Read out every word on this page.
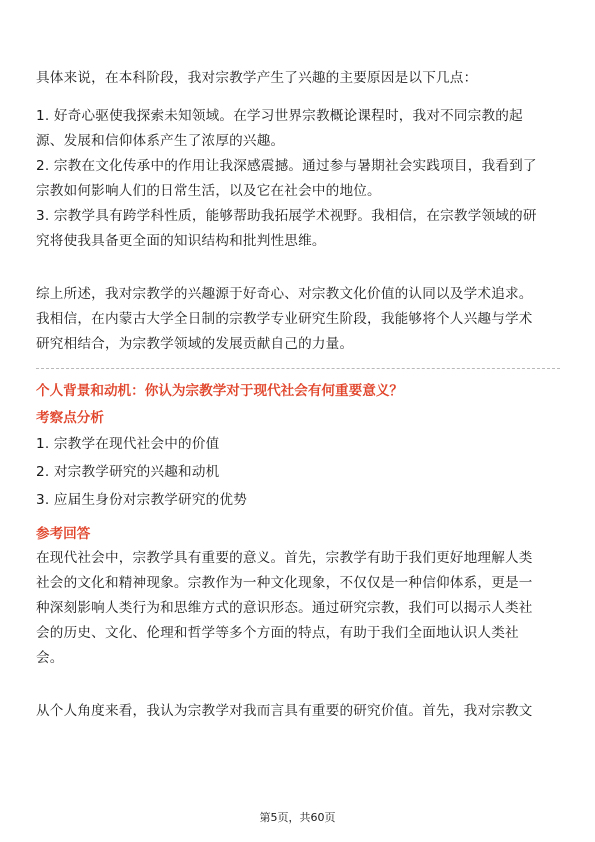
具体来说，在本科阶段，我对宗教学产生了兴趣的主要原因是以下几点：

1. 好奇心驱使我探索未知领域。在学习世界宗教概论课程时，我对不同宗教的起

源、发展和信仰体系产生了浓厚的兴趣。

2. 宗教在文化传承中的作用让我深感震撼。通过参与暑期社会实践项目，我看到了

宗教如何影响人们的日常生活，以及它在社会中的地位。

3. 宗教学具有跨学科性质，能够帮助我拓展学术视野。我相信，在宗教学领域的研

究将使我具备更全面的知识结构和批判性思维。

综上所述，我对宗教学的兴趣源于好奇心、对宗教文化价值的认同以及学术追求。

我相信，在内蒙古大学全日制的宗教学专业研究生阶段，我能够将个人兴趣与学术

研究相结合，为宗教学领域的发展贡献自己的力量。

个人背景和动机：你认为宗教学对于现代社会有何重要意义？
考察点分析

1. 宗教学在现代社会中的价值

2. 对宗教学研究的兴趣和动机

3. 应届生身份对宗教学研究的优势

参考回答

在现代社会中，宗教学具有重要的意义。首先，宗教学有助于我们更好地理解人类

社会的文化和精神现象。宗教作为一种文化现象，不仅仅是一种信仰体系，更是一

种深刻影响人类行为和思维方式的意识形态。通过研究宗教，我们可以揭示人类社

会的历史、文化、伦理和哲学等多个方面的特点，有助于我们全面地认识人类社

会。

从个人角度来看，我认为宗教学对我而言具有重要的研究价值。首先，我对宗教文

第5页，共60页
